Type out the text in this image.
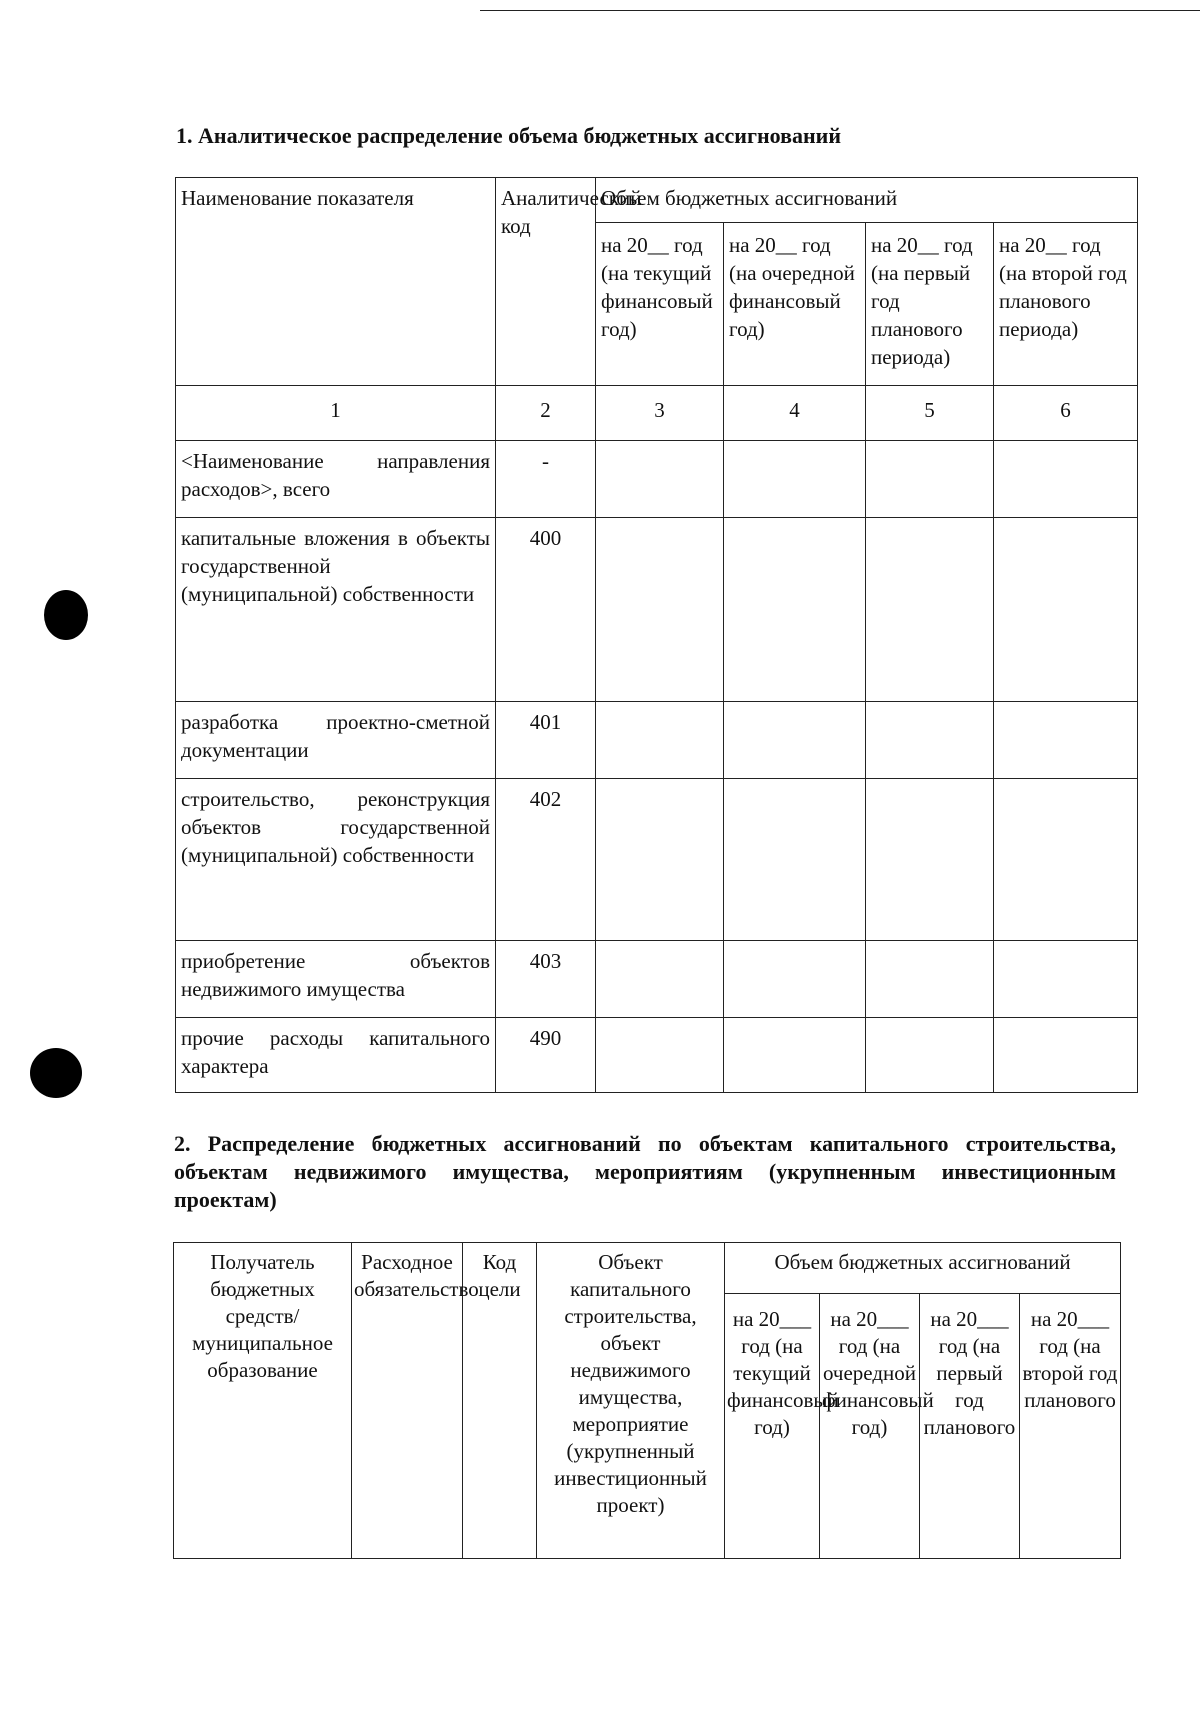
1. Аналитическое распределение объема бюджетных ассигнований
Наименование показателя	Аналитический код	Объем бюджетных ассигнований			
		на 20__ год (на текущий финансовый год)	на 20__ год (на очередной финансовый год)	на 20__ год (на первый год планового периода)	на 20__ год (на второй год планового периода)
1	2	3	4	5	6
<Наименование направления расходов>, всего	-				
капитальные вложения в объекты государственной (муниципальной) собственности	400				
разработка проектно-сметной документации	401				
строительство, реконструкция объектов государственной (муниципальной) собственности	402				
приобретение объектов недвижимого имущества	403				
прочие расходы капитального характера	490				
2. Распределение бюджетных ассигнований по объектам капитального строительства, объектам недвижимого имущества, мероприятиям (укрупненным инвестиционным проектам)
Получатель бюджетных средств/муниципальное образование	Расходное обязательство	Код цели	Объект капитального строительства, объект недвижимого имущества, мероприятие (укрупненный инвестиционный проект)	Объем бюджетных ассигнований			
				на 20___ год (на текущий финансовый год)	на 20___ год (на очередной финансовый год)	на 20___ год (на первый год планового	на 20___ год (на второй год планового
